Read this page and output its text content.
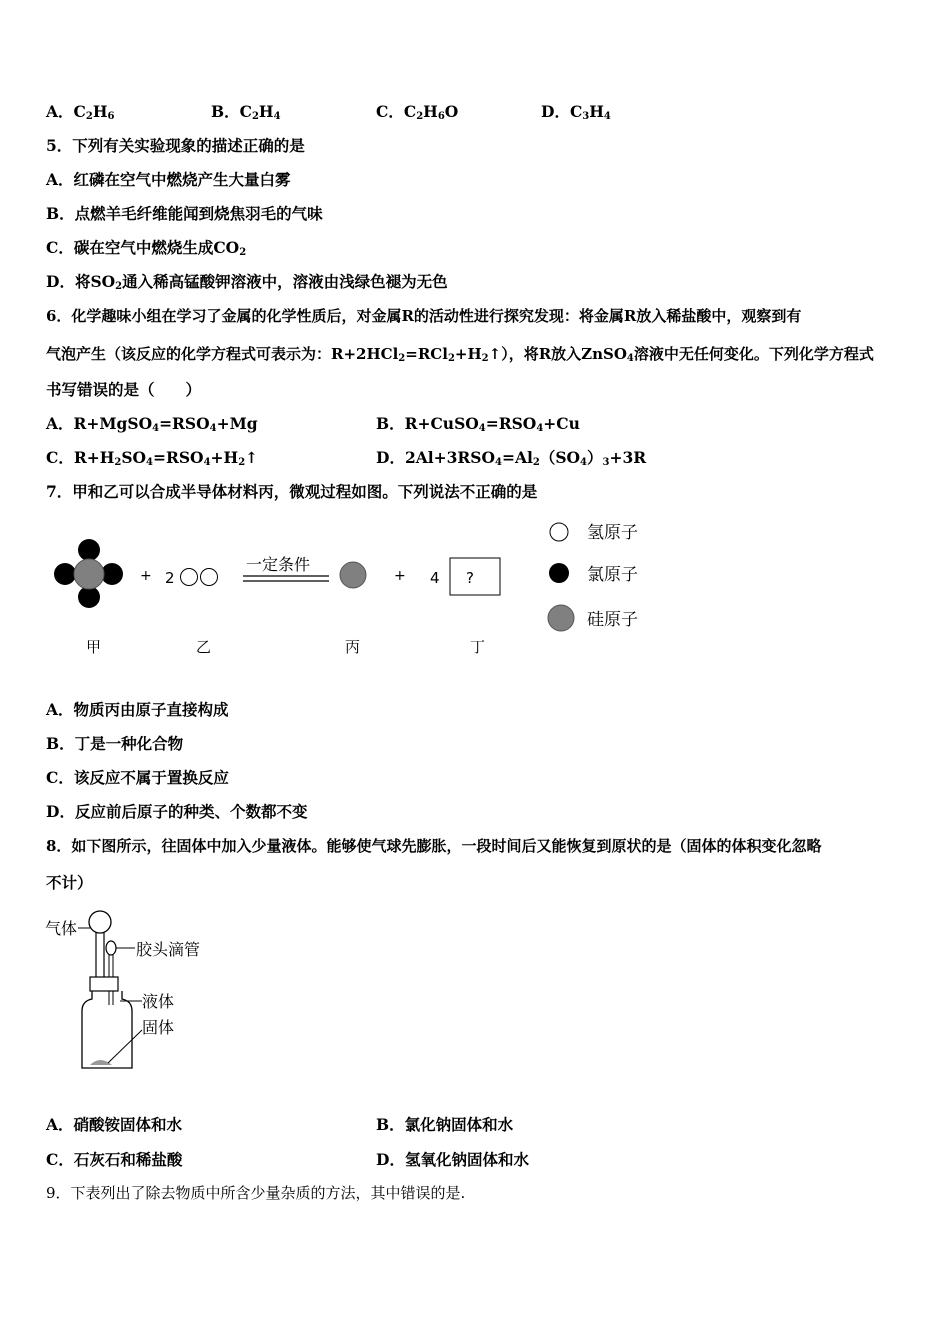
A．$C_2H_6$	B．$C_2H_4$	C．$C_2H_6O$	D．$C_3H_4$
5．下列有关实验现象的描述正确的是
A．红磷在空气中燃烧产生大量白雾
B．点燃羊毛纤维能闻到烧焦羽毛的气味
C．碳在空气中燃烧生成$CO_2$
D．将$SO_2$通入稀高锰酸钾溶液中，溶液由浅绿色褪为无色
6．化学趣味小组在学习了金属的化学性质后，对金属R的活动性进行探究发现：将金属R放入稀盐酸中，观察到有
气泡产生（该反应的化学方程式可表示为：$R+2HCl_2=RCl_2+H_2↑$），将R放入ZnSO$_4$溶液中无任何变化。下列化学方程式
书写错误的是（　　）
A．$R+MgSO_4=RSO_4+Mg$	B．$R+CuSO_4=RSO_4+Cu$
C．$R+H_2SO_4=RSO_4+H_2↑$	D．$2Al+3RSO_4=Al_2(SO_4)_3+3R$
7．甲和乙可以合成半导体材料丙，微观过程如图。下列说法不正确的是
+ 2
一定条件
+ 4 ?
甲	乙	丙	丁
氢原子
氯原子
硅原子
A．物质丙由原子直接构成
B．丁是一种化合物
C．该反应不属于置换反应
D．反应前后原子的种类、个数都不变
8．如下图所示，往固体中加入少量液体。能够使气球先膨胀，一段时间后又能恢复到原状的是（固体的体积变化忽略
不计）
气体
胶头滴管
液体
固体
A．硝酸铵固体和水	B．氯化钠固体和水
C．石灰石和稀盐酸	D．氢氧化钠固体和水
9．下表列出了除去物质中所含少量杂质的方法，其中错误的是.
